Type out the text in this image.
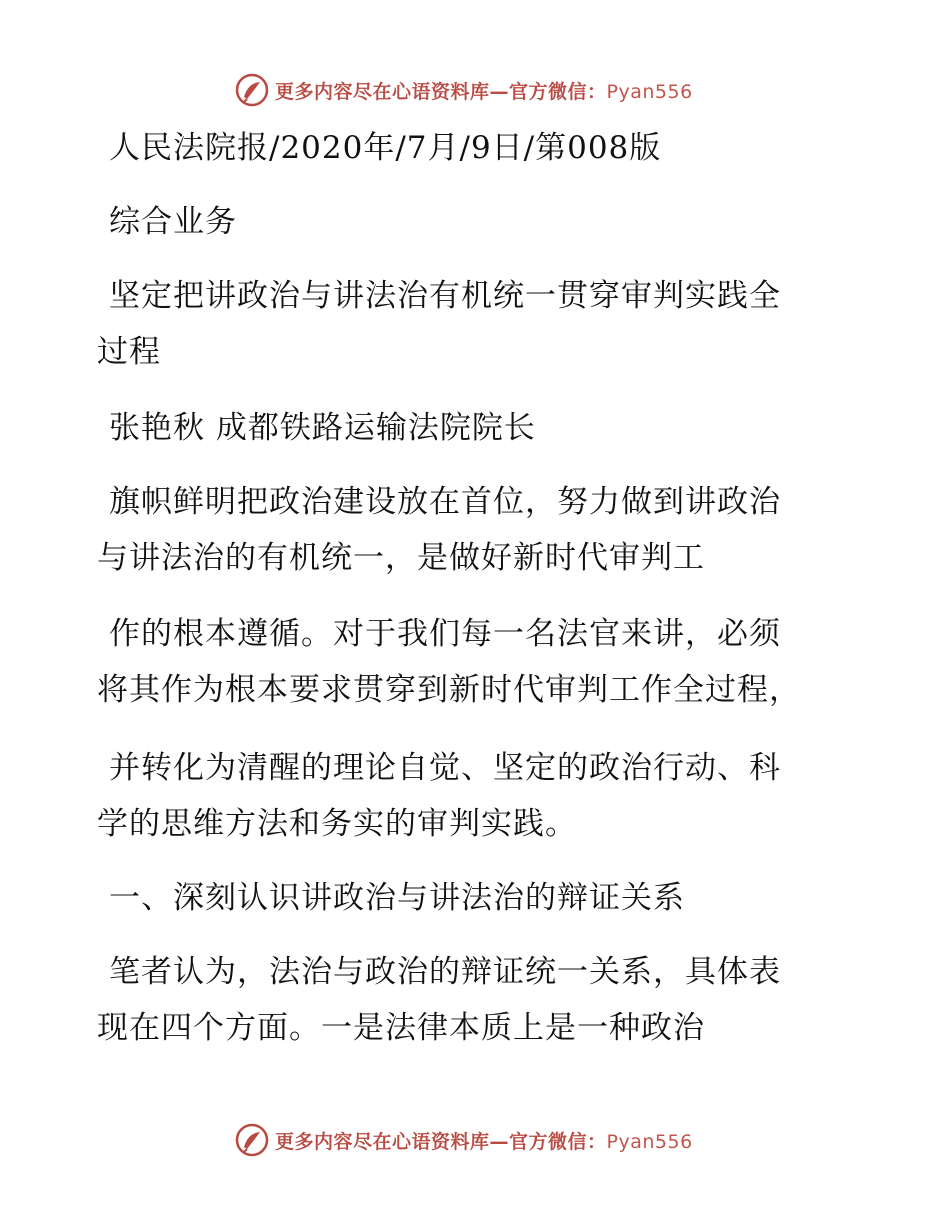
更多内容尽在心语资料库—官方微信：Pyan556
人民法院报/2020年/7月/9日/第008版
综合业务
坚定把讲政治与讲法治有机统一贯穿审判实践全
过程
张艳秋 成都铁路运输法院院长
旗帜鲜明把政治建设放在首位，努力做到讲政治
与讲法治的有机统一，是做好新时代审判工
作的根本遵循。对于我们每一名法官来讲，必须
将其作为根本要求贯穿到新时代审判工作全过程，
并转化为清醒的理论自觉、坚定的政治行动、科
学的思维方法和务实的审判实践。
一、深刻认识讲政治与讲法治的辩证关系
笔者认为，法治与政治的辩证统一关系，具体表
现在四个方面。一是法律本质上是一种政治
更多内容尽在心语资料库—官方微信：Pyan556
